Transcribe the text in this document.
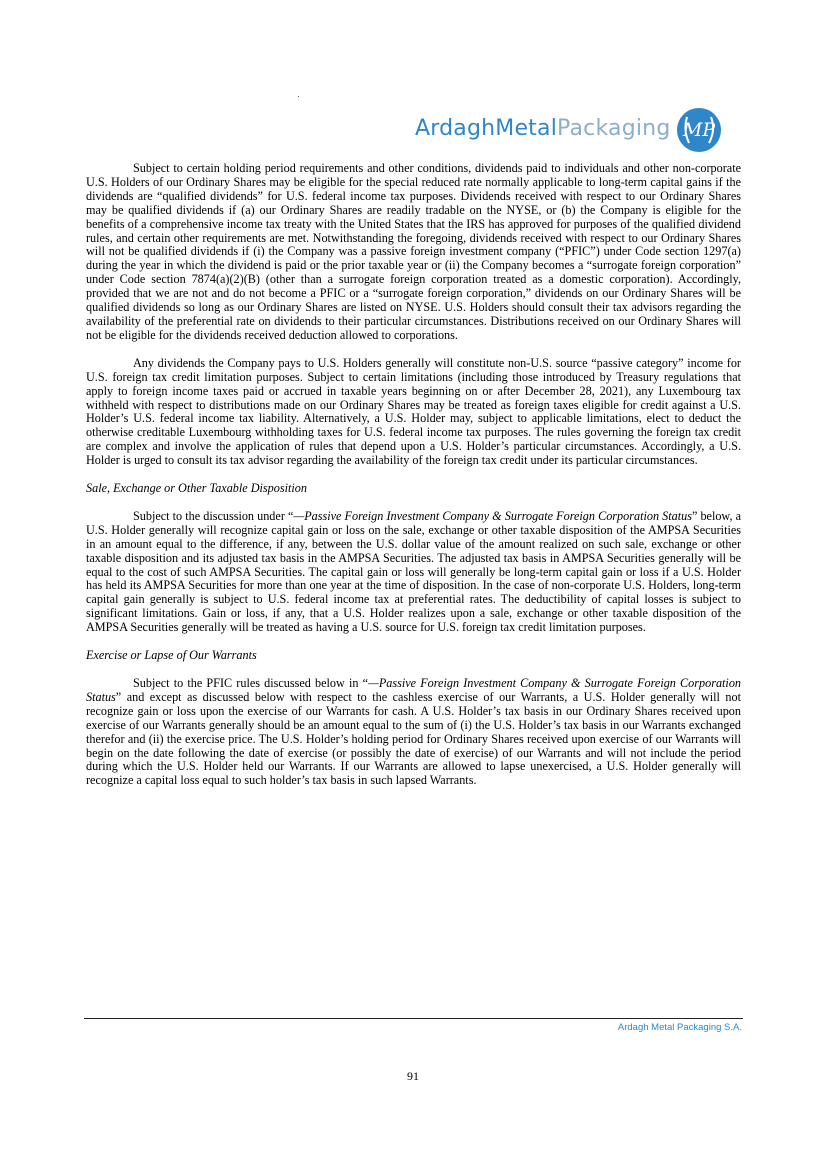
ArdaghMetalPackaging MP

Subject to certain holding period requirements and other conditions, dividends paid to individuals and other non-corporate U.S. Holders of our Ordinary Shares may be eligible for the special reduced rate normally applicable to long-term capital gains if the dividends are “qualified dividends” for U.S. federal income tax purposes. Dividends received with respect to our Ordinary Shares may be qualified dividends if (a) our Ordinary Shares are readily tradable on the NYSE, or (b) the Company is eligible for the benefits of a comprehensive income tax treaty with the United States that the IRS has approved for purposes of the qualified dividend rules, and certain other requirements are met. Notwithstanding the foregoing, dividends received with respect to our Ordinary Shares will not be qualified dividends if (i) the Company was a passive foreign investment company (“PFIC”) under Code section 1297(a) during the year in which the dividend is paid or the prior taxable year or (ii) the Company becomes a “surrogate foreign corporation” under Code section 7874(a)(2)(B) (other than a surrogate foreign corporation treated as a domestic corporation). Accordingly, provided that we are not and do not become a PFIC or a “surrogate foreign corporation,” dividends on our Ordinary Shares will be qualified dividends so long as our Ordinary Shares are listed on NYSE. U.S. Holders should consult their tax advisors regarding the availability of the preferential rate on dividends to their particular circumstances. Distributions received on our Ordinary Shares will not be eligible for the dividends received deduction allowed to corporations.

Any dividends the Company pays to U.S. Holders generally will constitute non-U.S. source “passive category” income for U.S. foreign tax credit limitation purposes. Subject to certain limitations (including those introduced by Treasury regulations that apply to foreign income taxes paid or accrued in taxable years beginning on or after December 28, 2021), any Luxembourg tax withheld with respect to distributions made on our Ordinary Shares may be treated as foreign taxes eligible for credit against a U.S. Holder’s U.S. federal income tax liability. Alternatively, a U.S. Holder may, subject to applicable limitations, elect to deduct the otherwise creditable Luxembourg withholding taxes for U.S. federal income tax purposes. The rules governing the foreign tax credit are complex and involve the application of rules that depend upon a U.S. Holder’s particular circumstances. Accordingly, a U.S. Holder is urged to consult its tax advisor regarding the availability of the foreign tax credit under its particular circumstances.

Sale, Exchange or Other Taxable Disposition

Subject to the discussion under “—Passive Foreign Investment Company & Surrogate Foreign Corporation Status” below, a U.S. Holder generally will recognize capital gain or loss on the sale, exchange or other taxable disposition of the AMPSA Securities in an amount equal to the difference, if any, between the U.S. dollar value of the amount realized on such sale, exchange or other taxable disposition and its adjusted tax basis in the AMPSA Securities. The adjusted tax basis in AMPSA Securities generally will be equal to the cost of such AMPSA Securities. The capital gain or loss will generally be long-term capital gain or loss if a U.S. Holder has held its AMPSA Securities for more than one year at the time of disposition. In the case of non-corporate U.S. Holders, long-term capital gain generally is subject to U.S. federal income tax at preferential rates. The deductibility of capital losses is subject to significant limitations. Gain or loss, if any, that a U.S. Holder realizes upon a sale, exchange or other taxable disposition of the AMPSA Securities generally will be treated as having a U.S. source for U.S. foreign tax credit limitation purposes.

Exercise or Lapse of Our Warrants

Subject to the PFIC rules discussed below in “—Passive Foreign Investment Company & Surrogate Foreign Corporation Status” and except as discussed below with respect to the cashless exercise of our Warrants, a U.S. Holder generally will not recognize gain or loss upon the exercise of our Warrants for cash. A U.S. Holder’s tax basis in our Ordinary Shares received upon exercise of our Warrants generally should be an amount equal to the sum of (i) the U.S. Holder’s tax basis in our Warrants exchanged therefor and (ii) the exercise price. The U.S. Holder’s holding period for Ordinary Shares received upon exercise of our Warrants will begin on the date following the date of exercise (or possibly the date of exercise) of our Warrants and will not include the period during which the U.S. Holder held our Warrants. If our Warrants are allowed to lapse unexercised, a U.S. Holder generally will recognize a capital loss equal to such holder’s tax basis in such lapsed Warrants.

Ardagh Metal Packaging S.A.
91
